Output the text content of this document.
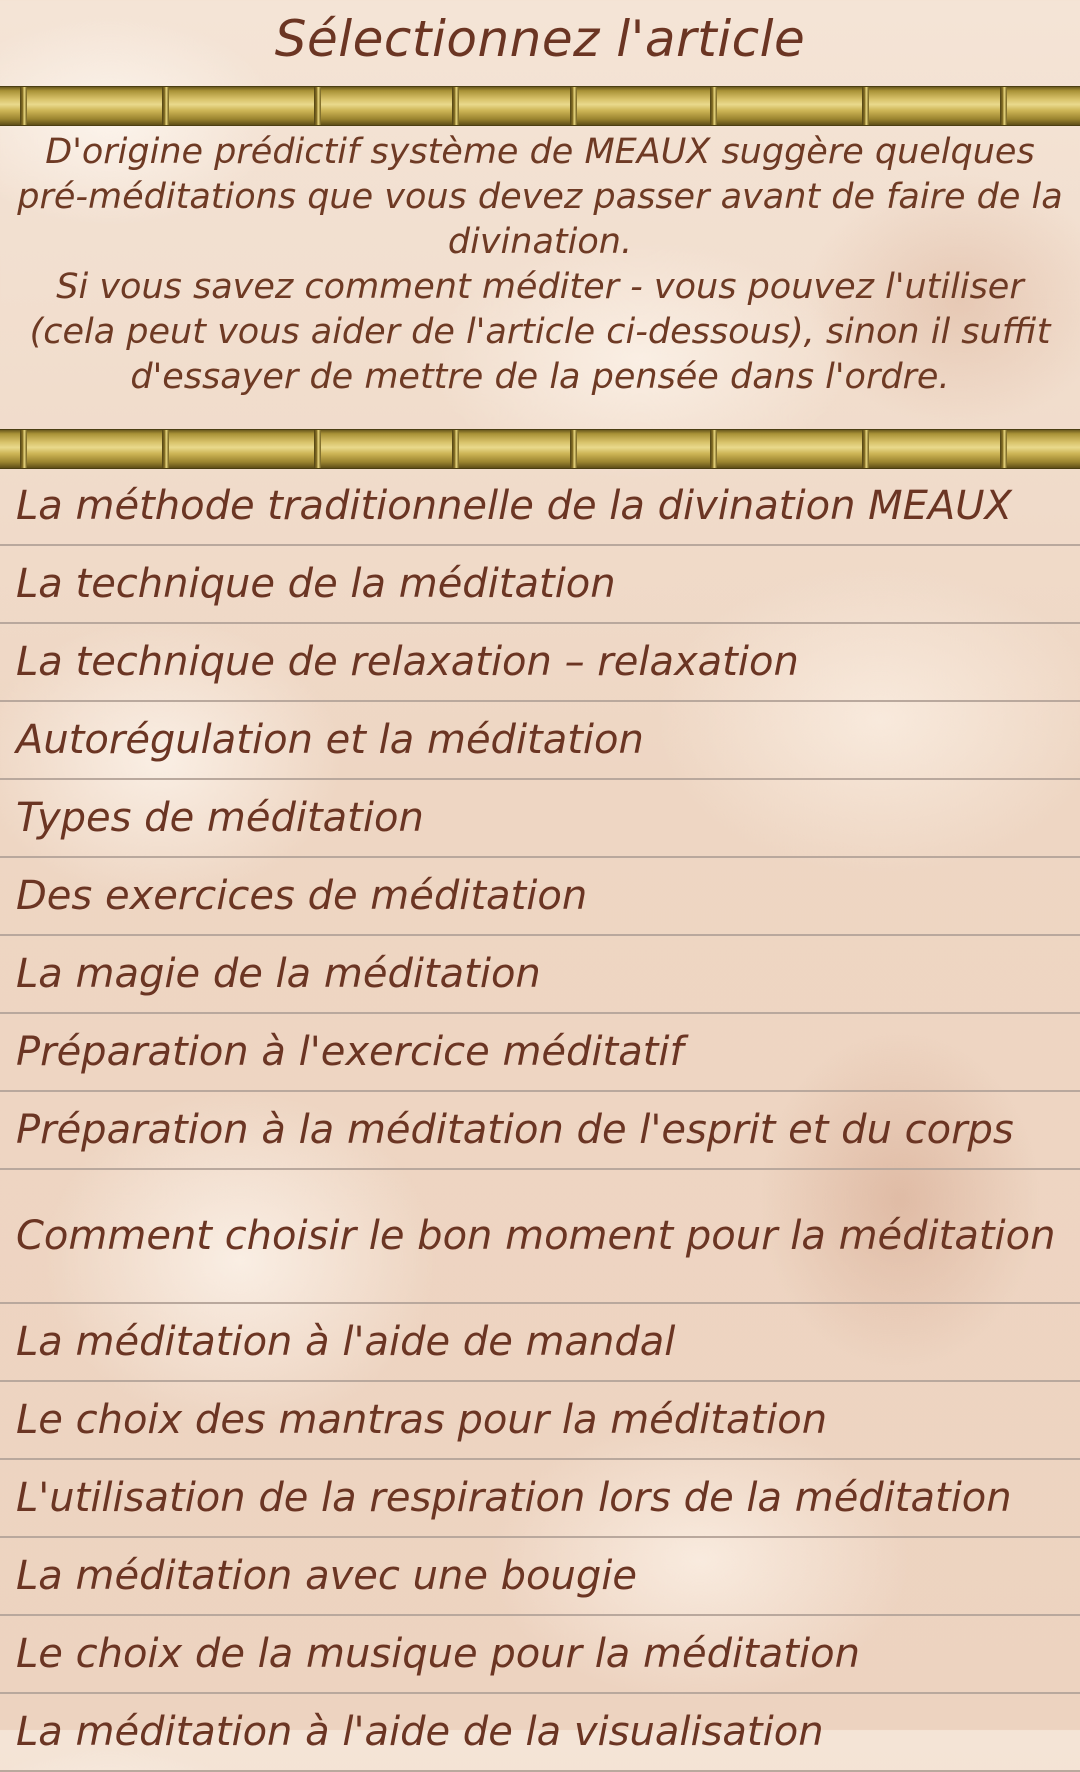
Sélectionnez l'article

D'origine prédictif système de MEAUX suggère quelques pré-méditations que vous devez passer avant de faire de la divination.

Si vous savez comment méditer - vous pouvez l'utiliser (cela peut vous aider de l'article ci-dessous), sinon il suffit d'essayer de mettre de la pensée dans l'ordre.

La méthode traditionnelle de la divination MEAUX
La technique de la méditation
La technique de relaxation – relaxation
Autorégulation et la méditation
Types de méditation
Des exercices de méditation
La magie de la méditation
Préparation à l'exercice méditatif
Préparation à la méditation de l'esprit et du corps
Comment choisir le bon moment pour la méditation
La méditation à l'aide de mandal
Le choix des mantras pour la méditation
L'utilisation de la respiration lors de la méditation
La méditation avec une bougie
Le choix de la musique pour la méditation
La méditation à l'aide de la visualisation
